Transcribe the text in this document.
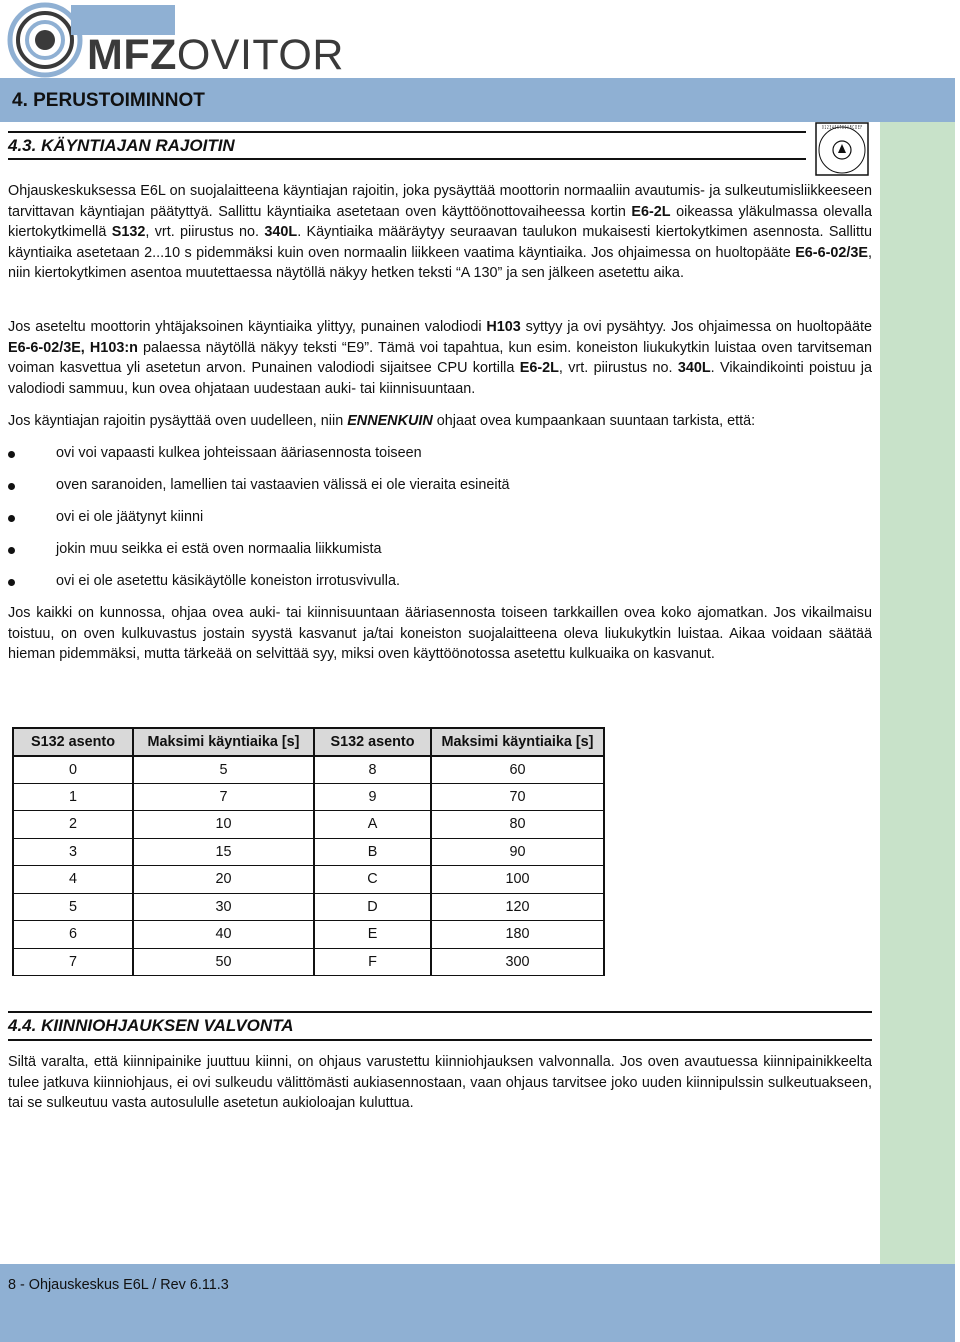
MFZOVITOR
4. PERUSTOIMINNOT
4.3. KÄYNTIAJAN RAJOITIN
0 1 2 3 4 5 6 7 8 9 A B C D E F
Ohjauskeskuksessa E6L on suojalaitteena käyntiajan rajoitin, joka pysäyttää moottorin normaaliin avautumis- ja sulkeutumisliikkeeseen tarvittavan käyntiajan päätyttyä. Sallittu käyntiaika asetetaan oven käyttöönottovaiheessa kortin E6-2L oikeassa yläkulmassa olevalla kiertokytkimellä S132, vrt. piirustus no. 340L. Käyntiaika määräytyy seuraavan taulukon mukaisesti kiertokytkimen asennosta. Sallittu käyntiaika asetetaan 2...10 s pidemmäksi kuin oven normaalin liikkeen vaatima käyntiaika. Jos ohjaimessa on huoltopääte E6-6-02/3E, niin kiertokytkimen asentoa muutettaessa näytöllä näkyy hetken teksti “A 130” ja sen jälkeen asetettu aika.
Jos aseteltu moottorin yhtäjaksoinen käyntiaika ylittyy, punainen valodiodi H103 syttyy ja ovi pysähtyy. Jos ohjaimessa on huoltopääte E6-6-02/3E, H103:n palaessa näytöllä näkyy teksti “E9”. Tämä voi tapahtua, kun esim. koneiston liukukytkin luistaa oven tarvitseman voiman kasvettua yli asetetun arvon. Punainen valodiodi sijaitsee CPU kortilla E6-2L, vrt. piirustus no. 340L. Vikaindikointi poistuu ja valodiodi sammuu, kun ovea ohjataan uudestaan auki- tai kiinnisuuntaan.
Jos käyntiajan rajoitin pysäyttää oven uudelleen, niin ENNENKUIN ohjaat ovea kumpaankaan suuntaan tarkista, että:
ovi voi vapaasti kulkea johteissaan ääriasennosta toiseen
oven saranoiden, lamellien tai vastaavien välissä ei ole vieraita esineitä
ovi ei ole jäätynyt kiinni
jokin muu seikka ei estä oven normaalia liikkumista
ovi ei ole asetettu käsikäytölle koneiston irrotusvivulla.
Jos kaikki on kunnossa, ohjaa ovea auki- tai kiinnisuuntaan ääriasennosta toiseen tarkkaillen ovea koko ajomatkan. Jos vikailmaisu toistuu, on oven kulkuvastus jostain syystä kasvanut ja/tai koneiston suojalaitteena oleva liukukytkin luistaa. Aikaa voidaan säätää hieman pidemmäksi, mutta tärkeää on selvittää syy, miksi oven käyttöönotossa asetettu kulkuaika on kasvanut.
S132 asento	Maksimi käyntiaika [s]	S132 asento	Maksimi käyntiaika [s]
0	5	8	60
1	7	9	70
2	10	A	80
3	15	B	90
4	20	C	100
5	30	D	120
6	40	E	180
7	50	F	300
4.4. KIINNIOHJAUKSEN VALVONTA
Siltä varalta, että kiinnipainike juuttuu kiinni, on ohjaus varustettu kiinniohjauksen valvonnalla. Jos oven avautuessa kiinnipainikkeelta tulee jatkuva kiinniohjaus, ei ovi sulkeudu välittömästi aukiasennostaan, vaan ohjaus tarvitsee joko uuden kiinnipulssin sulkeutuakseen, tai se sulkeutuu vasta autosululle asetetun aukioloajan kuluttua.
8 - Ohjauskeskus E6L / Rev 6.11.3
